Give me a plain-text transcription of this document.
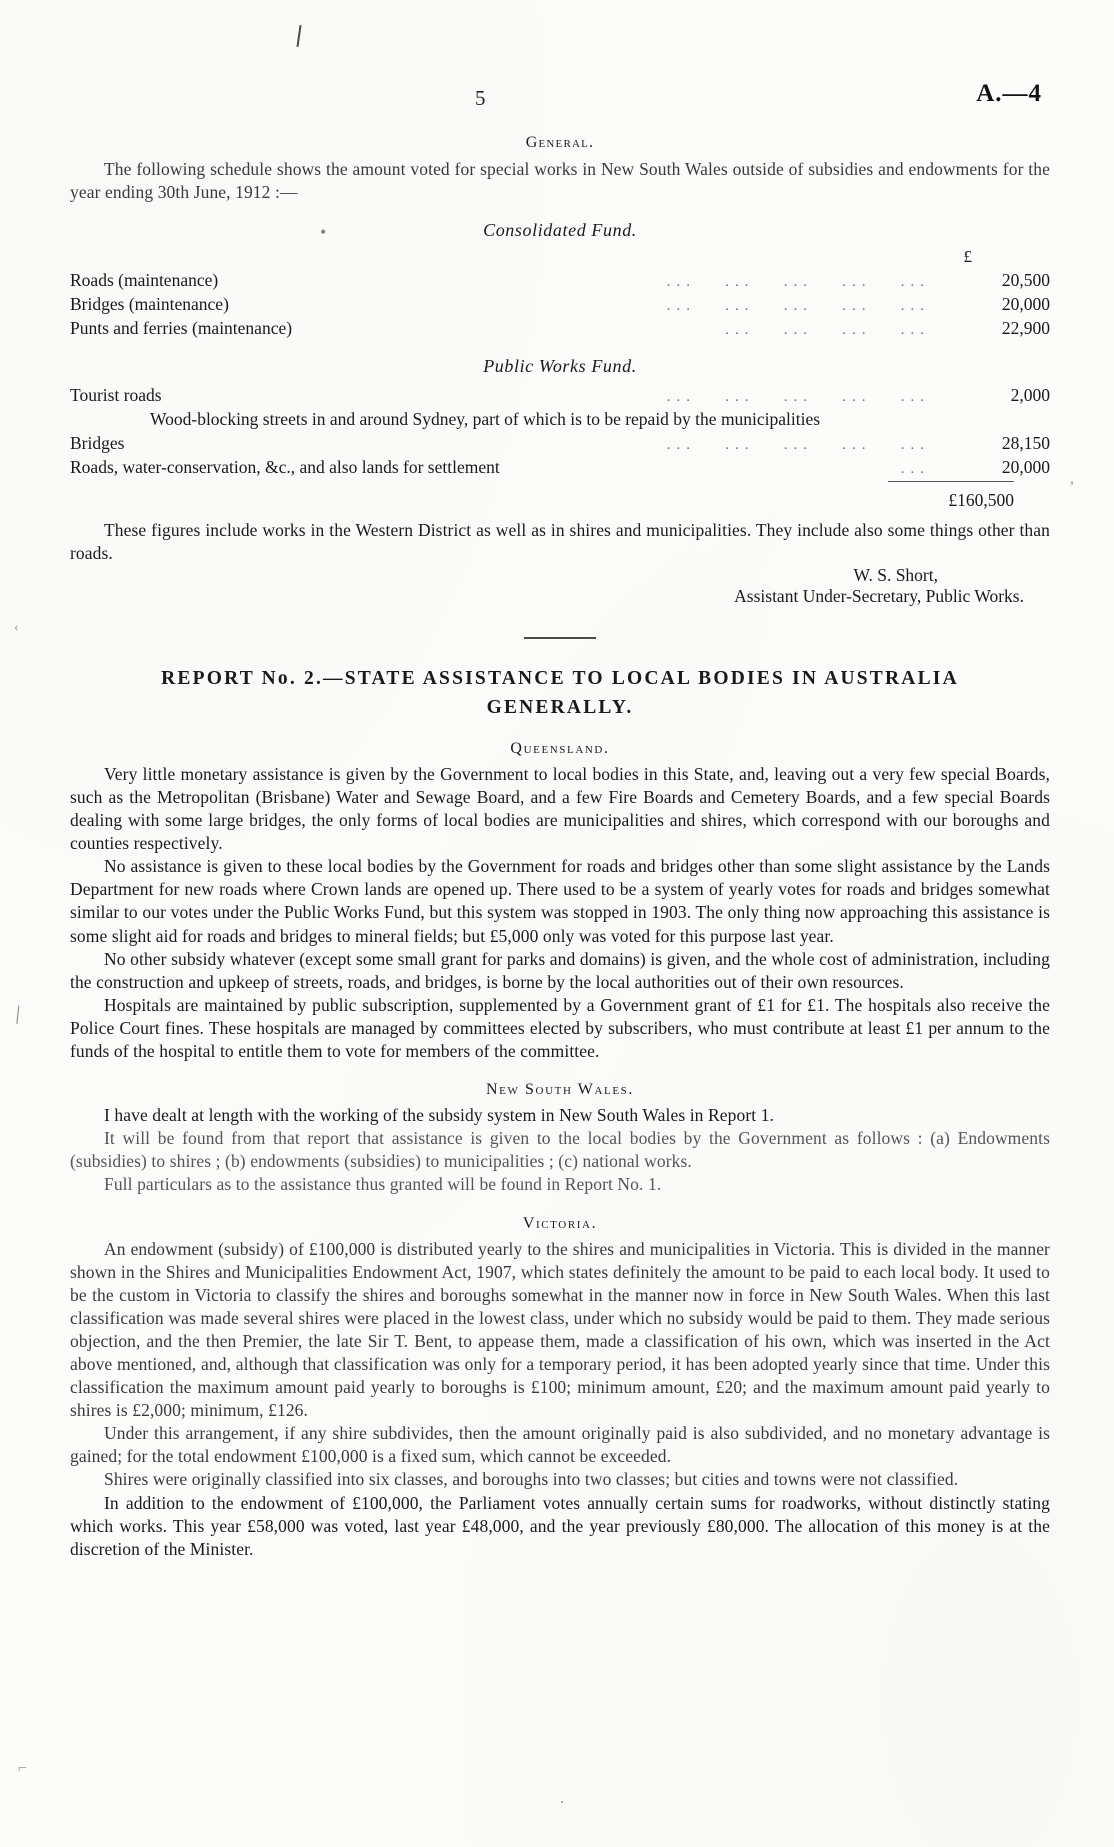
‹
\
,
⌐
.
5	A.—4
General.

The following schedule shows the amount voted for special works in New South Wales outside of subsidies and endowments for the year ending 30th June, 1912 :—

•	Consolidated Fund.
£
Roads (maintenance)	...   ...   ...   ...   ...	20,500
Bridges (maintenance)	...   ...   ...   ...   ...	20,000
Punts and ferries (maintenance)	...   ...   ...   ...	22,900
Public Works Fund.
Tourist roads	...   ...   ...   ...   ...	2,000
Wood-blocking streets in and around Sydney, part of which is to be repaid by the municipalities
Bridges	...   ...   ...   ...   ...	28,150
Roads, water-conservation, &c., and also lands for settlement	...	20,000
£160,500

These figures include works in the Western District as well as in shires and municipalities. They include also some things other than roads.

W. S. Short,
Assistant Under-Secretary, Public Works.
REPORT No. 2.—STATE ASSISTANCE TO LOCAL BODIES IN AUSTRALIA
GENERALLY.
Queensland.

Very little monetary assistance is given by the Government to local bodies in this State, and, leaving out a very few special Boards, such as the Metropolitan (Brisbane) Water and Sewage Board, and a few Fire Boards and Cemetery Boards, and a few special Boards dealing with some large bridges, the only forms of local bodies are municipalities and shires, which correspond with our boroughs and counties respectively.

No assistance is given to these local bodies by the Government for roads and bridges other than some slight assistance by the Lands Department for new roads where Crown lands are opened up. There used to be a system of yearly votes for roads and bridges somewhat similar to our votes under the Public Works Fund, but this system was stopped in 1903. The only thing now approaching this assistance is some slight aid for roads and bridges to mineral fields; but £5,000 only was voted for this purpose last year.

No other subsidy whatever (except some small grant for parks and domains) is given, and the whole cost of administration, including the construction and upkeep of streets, roads, and bridges, is borne by the local authorities out of their own resources.

Hospitals are maintained by public subscription, supplemented by a Government grant of £1 for £1. The hospitals also receive the Police Court fines. These hospitals are managed by committees elected by subscribers, who must contribute at least £1 per annum to the funds of the hospital to entitle them to vote for members of the committee.

New South Wales.

I have dealt at length with the working of the subsidy system in New South Wales in Report 1.

It will be found from that report that assistance is given to the local bodies by the Government as follows : (a) Endowments (subsidies) to shires ; (b) endowments (subsidies) to municipalities ; (c) national works.

Full particulars as to the assistance thus granted will be found in Report No. 1.

Victoria.

An endowment (subsidy) of £100,000 is distributed yearly to the shires and municipalities in Victoria. This is divided in the manner shown in the Shires and Municipalities Endowment Act, 1907, which states definitely the amount to be paid to each local body. It used to be the custom in Victoria to classify the shires and boroughs somewhat in the manner now in force in New South Wales. When this last classification was made several shires were placed in the lowest class, under which no subsidy would be paid to them. They made serious objection, and the then Premier, the late Sir T. Bent, to appease them, made a classification of his own, which was inserted in the Act above mentioned, and, although that classification was only for a temporary period, it has been adopted yearly since that time. Under this classification the maximum amount paid yearly to boroughs is £100; minimum amount, £20; and the maximum amount paid yearly to shires is £2,000; minimum, £126.

Under this arrangement, if any shire subdivides, then the amount originally paid is also subdivided, and no monetary advantage is gained; for the total endowment £100,000 is a fixed sum, which cannot be exceeded.

Shires were originally classified into six classes, and boroughs into two classes; but cities and towns were not classified.

In addition to the endowment of £100,000, the Parliament votes annually certain sums for roadworks, without distinctly stating which works. This year £58,000 was voted, last year £48,000, and the year previously £80,000. The allocation of this money is at the discretion of the Minister.
